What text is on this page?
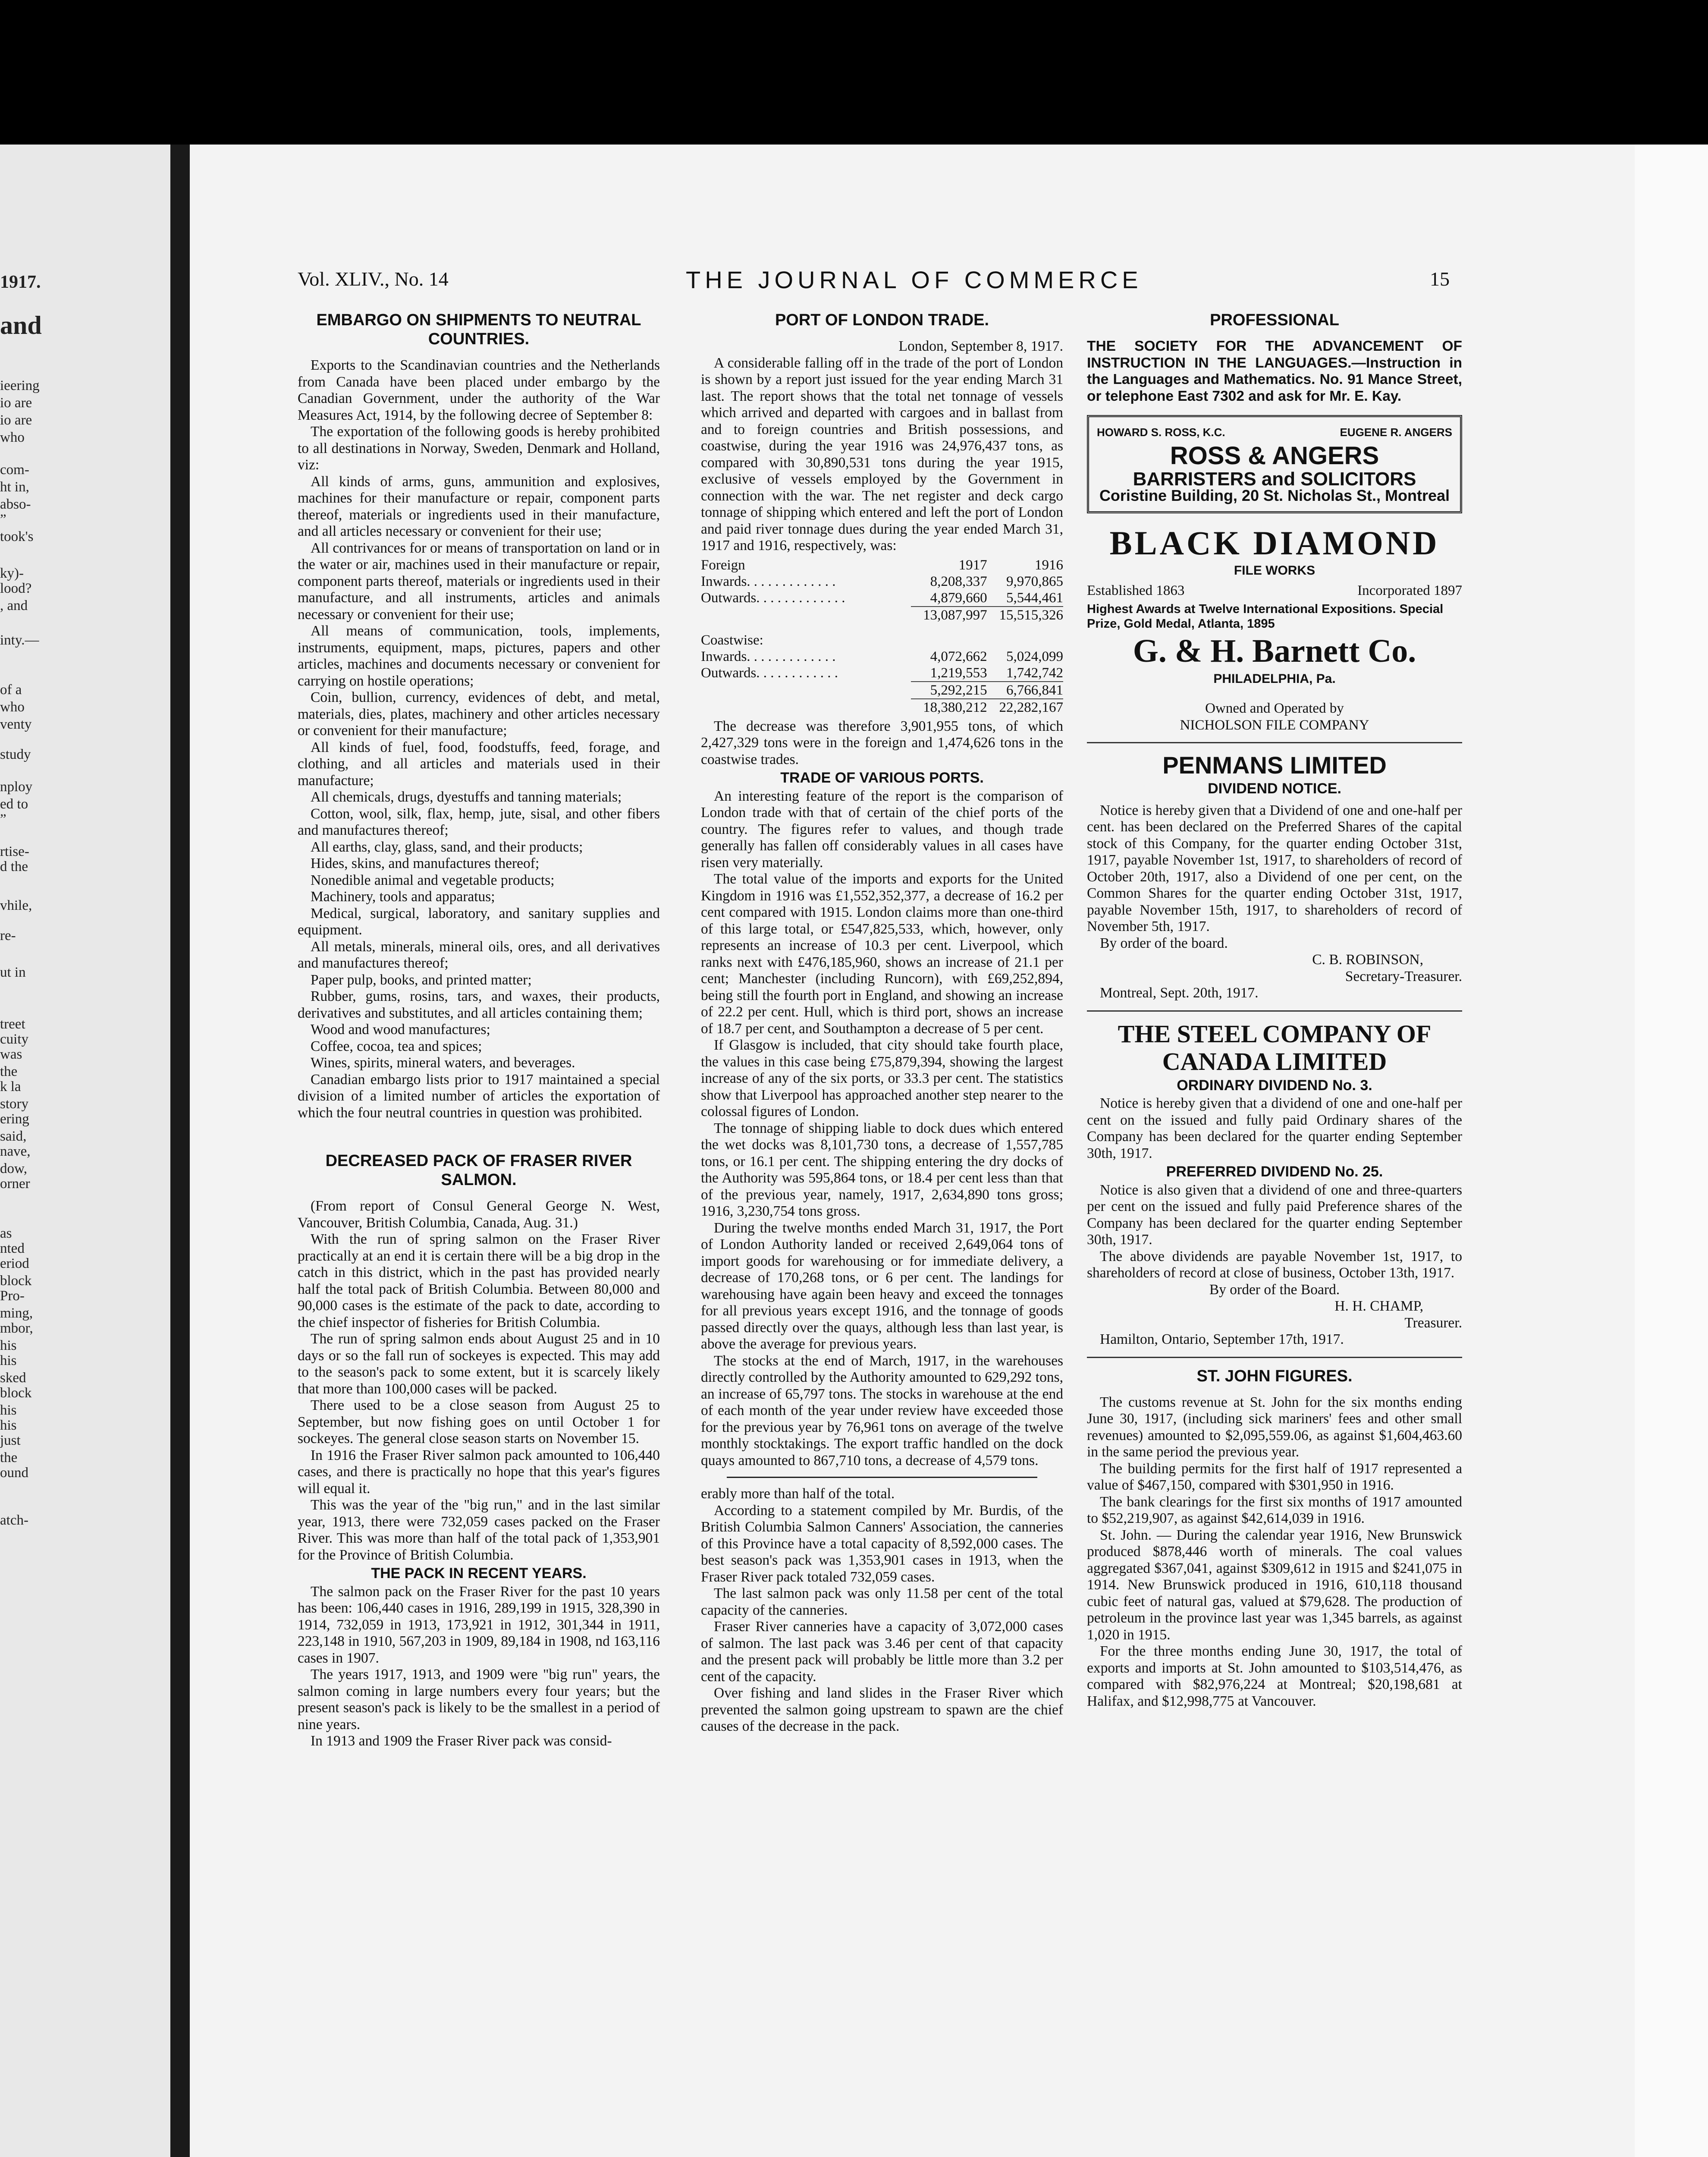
1917.
and
ieering
io are
io are
who
com-
ht in,
abso-
”
took's
ky)-
lood?
, and
inty.—
of a
who
venty
study
nploy
ed to
”
rtise-
d the
vhile,
re-
ut in
treet
cuity
was
the
k la
story
ering
said,
nave,
dow,
orner
as
nted
eriod
block
Pro-
ming,
mbor,
his
his
sked
block
his
his
just
the
ound
atch-
Vol. XLIV., No. 14	THE JOURNAL OF COMMERCE	15
EMBARGO ON SHIPMENTS TO NEUTRAL COUNTRIES.

Exports to the Scandinavian countries and the Netherlands from Canada have been placed under embargo by the Canadian Government, under the authority of the War Measures Act, 1914, by the following decree of September 8:

The exportation of the following goods is hereby prohibited to all destinations in Norway, Sweden, Denmark and Holland, viz:

All kinds of arms, guns, ammunition and explosives, machines for their manufacture or repair, component parts thereof, materials or ingredients used in their manufacture, and all articles necessary or convenient for their use;

All contrivances for or means of transportation on land or in the water or air, machines used in their manufacture or repair, component parts thereof, materials or ingredients used in their manufacture, and all instruments, articles and animals necessary or convenient for their use;

All means of communication, tools, implements, instruments, equipment, maps, pictures, papers and other articles, machines and documents necessary or convenient for carrying on hostile operations;

Coin, bullion, currency, evidences of debt, and metal, materials, dies, plates, machinery and other articles necessary or convenient for their manufacture;

All kinds of fuel, food, foodstuffs, feed, forage, and clothing, and all articles and materials used in their manufacture;

All chemicals, drugs, dyestuffs and tanning materials;

Cotton, wool, silk, flax, hemp, jute, sisal, and other fibers and manufactures thereof;

All earths, clay, glass, sand, and their products;

Hides, skins, and manufactures thereof;

Nonedible animal and vegetable products;

Machinery, tools and apparatus;

Medical, surgical, laboratory, and sanitary supplies and equipment.

All metals, minerals, mineral oils, ores, and all derivatives and manufactures thereof;

Paper pulp, books, and printed matter;

Rubber, gums, rosins, tars, and waxes, their products, derivatives and substitutes, and all articles containing them;

Wood and wood manufactures;

Coffee, cocoa, tea and spices;

Wines, spirits, mineral waters, and beverages.

Canadian embargo lists prior to 1917 maintained a special division of a limited number of articles the exportation of which the four neutral countries in question was prohibited.

DECREASED PACK OF FRASER RIVER SALMON.

(From report of Consul General George N. West, Vancouver, British Columbia, Canada, Aug. 31.)

With the run of spring salmon on the Fraser River practically at an end it is certain there will be a big drop in the catch in this district, which in the past has provided nearly half the total pack of British Columbia. Between 80,000 and 90,000 cases is the estimate of the pack to date, according to the chief inspector of fisheries for British Columbia.

The run of spring salmon ends about August 25 and in 10 days or so the fall run of sockeyes is expected. This may add to the season's pack to some extent, but it is scarcely likely that more than 100,000 cases will be packed.

There used to be a close season from August 25 to September, but now fishing goes on until October 1 for sockeyes. The general close season starts on November 15.

In 1916 the Fraser River salmon pack amounted to 106,440 cases, and there is practically no hope that this year's figures will equal it.

This was the year of the "big run," and in the last similar year, 1913, there were 732,059 cases packed on the Fraser River. This was more than half of the total pack of 1,353,901 for the Province of British Columbia.

THE PACK IN RECENT YEARS.

The salmon pack on the Fraser River for the past 10 years has been: 106,440 cases in 1916, 289,199 in 1915, 328,390 in 1914, 732,059 in 1913, 173,921 in 1912, 301,344 in 1911, 223,148 in 1910, 567,203 in 1909, 89,184 in 1908, nd 163,116 cases in 1907.

The years 1917, 1913, and 1909 were "big run" years, the salmon coming in large numbers every four years; but the present season's pack is likely to be the smallest in a period of nine years.

In 1913 and 1909 the Fraser River pack was consid-

PORT OF LONDON TRADE.
London, September 8, 1917.

A considerable falling off in the trade of the port of London is shown by a report just issued for the year ending March 31 last. The report shows that the total net tonnage of vessels which arrived and departed with cargoes and in ballast from and to foreign countries and British possessions, and coastwise, during the year 1916 was 24,976,437 tons, as compared with 30,890,531 tons during the year 1915, exclusive of vessels employed by the Government in connection with the war. The net register and deck cargo tonnage of shipping which entered and left the port of London and paid river tonnage dues during the year ended March 31, 1917 and 1916, respectively, was:

Foreign	1917	1916
Inwards. . . . . . . . . . . . .	8,208,337	9,970,865
Outwards. . . . . . . . . . . . .	4,879,660	5,544,461
	13,087,997	15,515,326
Coastwise:		
Inwards. . . . . . . . . . . . .	4,072,662	5,024,099
Outwards. . . . . . . . . . . .	1,219,553	1,742,742
	5,292,215	6,766,841
	18,380,212	22,282,167

The decrease was therefore 3,901,955 tons, of which 2,427,329 tons were in the foreign and 1,474,626 tons in the coastwise trades.

TRADE OF VARIOUS PORTS.

An interesting feature of the report is the comparison of London trade with that of certain of the chief ports of the country. The figures refer to values, and though trade generally has fallen off considerably values in all cases have risen very materially.

The total value of the imports and exports for the United Kingdom in 1916 was £1,552,352,377, a decrease of 16.2 per cent compared with 1915. London claims more than one-third of this large total, or £547,825,533, which, however, only represents an increase of 10.3 per cent. Liverpool, which ranks next with £476,185,960, shows an increase of 21.1 per cent; Manchester (including Runcorn), with £69,252,894, being still the fourth port in England, and showing an increase of 22.2 per cent. Hull, which is third port, shows an increase of 18.7 per cent, and Southampton a decrease of 5 per cent.

If Glasgow is included, that city should take fourth place, the values in this case being £75,879,394, showing the largest increase of any of the six ports, or 33.3 per cent. The statistics show that Liverpool has approached another step nearer to the colossal figures of London.

The tonnage of shipping liable to dock dues which entered the wet docks was 8,101,730 tons, a decrease of 1,557,785 tons, or 16.1 per cent. The shipping entering the dry docks of the Authority was 595,864 tons, or 18.4 per cent less than that of the previous year, namely, 1917, 2,634,890 tons gross; 1916, 3,230,754 tons gross.

During the twelve months ended March 31, 1917, the Port of London Authority landed or received 2,649,064 tons of import goods for warehousing or for immediate delivery, a decrease of 170,268 tons, or 6 per cent. The landings for warehousing have again been heavy and exceed the tonnages for all previous years except 1916, and the tonnage of goods passed directly over the quays, although less than last year, is above the average for previous years.

The stocks at the end of March, 1917, in the warehouses directly controlled by the Authority amounted to 629,292 tons, an increase of 65,797 tons. The stocks in warehouse at the end of each month of the year under review have exceeded those for the previous year by 76,961 tons on average of the twelve monthly stocktakings. The export traffic handled on the dock quays amounted to 867,710 tons, a decrease of 4,579 tons.

erably more than half of the total.

According to a statement compiled by Mr. Burdis, of the British Columbia Salmon Canners' Association, the canneries of this Province have a total capacity of 8,592,000 cases. The best season's pack was 1,353,901 cases in 1913, when the Fraser River pack totaled 732,059 cases.

The last salmon pack was only 11.58 per cent of the total capacity of the canneries.

Fraser River canneries have a capacity of 3,072,000 cases of salmon. The last pack was 3.46 per cent of that capacity and the present pack will probably be little more than 3.2 per cent of the capacity.

Over fishing and land slides in the Fraser River which prevented the salmon going upstream to spawn are the chief causes of the decrease in the pack.

PROFESSIONAL

THE SOCIETY FOR THE ADVANCEMENT OF INSTRUCTION IN THE LANGUAGES.—Instruction in the Languages and Mathematics. No. 91 Mance Street, or telephone East 7302 and ask for Mr. E. Kay.

HOWARD S. ROSS, K.C.	EUGENE R. ANGERS
ROSS & ANGERS
BARRISTERS and SOLICITORS
Coristine Building, 20 St. Nicholas St., Montreal
BLACK DIAMOND
FILE WORKS
Established 1863	Incorporated 1897
Highest Awards at Twelve International Expositions. Special Prize, Gold Medal, Atlanta, 1895
G. & H. Barnett Co.
PHILADELPHIA, Pa.
Owned and Operated by
NICHOLSON FILE COMPANY
PENMANS LIMITED
DIVIDEND NOTICE.

Notice is hereby given that a Dividend of one and one-half per cent. has been declared on the Preferred Shares of the capital stock of this Company, for the quarter ending October 31st, 1917, payable November 1st, 1917, to shareholders of record of October 20th, 1917, also a Dividend of one per cent, on the Common Shares for the quarter ending October 31st, 1917, payable November 15th, 1917, to shareholders of record of November 5th, 1917.

By order of the board.

C. B. ROBINSON,
Secretary-Treasurer.

Montreal, Sept. 20th, 1917.

THE STEEL COMPANY OF CANADA LIMITED
ORDINARY DIVIDEND No. 3.

Notice is hereby given that a dividend of one and one-half per cent on the issued and fully paid Ordinary shares of the Company has been declared for the quarter ending September 30th, 1917.

PREFERRED DIVIDEND No. 25.

Notice is also given that a dividend of one and three-quarters per cent on the issued and fully paid Preference shares of the Company has been declared for the quarter ending September 30th, 1917.

The above dividends are payable November 1st, 1917, to shareholders of record at close of business, October 13th, 1917.

By order of the Board.
H. H. CHAMP,
Treasurer.

Hamilton, Ontario, September 17th, 1917.

ST. JOHN FIGURES.

The customs revenue at St. John for the six months ending June 30, 1917, (including sick mariners' fees and other small revenues) amounted to $2,095,559.06, as against $1,604,463.60 in the same period the previous year.

The building permits for the first half of 1917 represented a value of $467,150, compared with $301,950 in 1916.

The bank clearings for the first six months of 1917 amounted to $52,219,907, as against $42,614,039 in 1916.

St. John. — During the calendar year 1916, New Brunswick produced $878,446 worth of minerals. The coal values aggregated $367,041, against $309,612 in 1915 and $241,075 in 1914. New Brunswick produced in 1916, 610,118 thousand cubic feet of natural gas, valued at $79,628. The production of petroleum in the province last year was 1,345 barrels, as against 1,020 in 1915.

For the three months ending June 30, 1917, the total of exports and imports at St. John amounted to $103,514,476, as compared with $82,976,224 at Montreal; $20,198,681 at Halifax, and $12,998,775 at Vancouver.
